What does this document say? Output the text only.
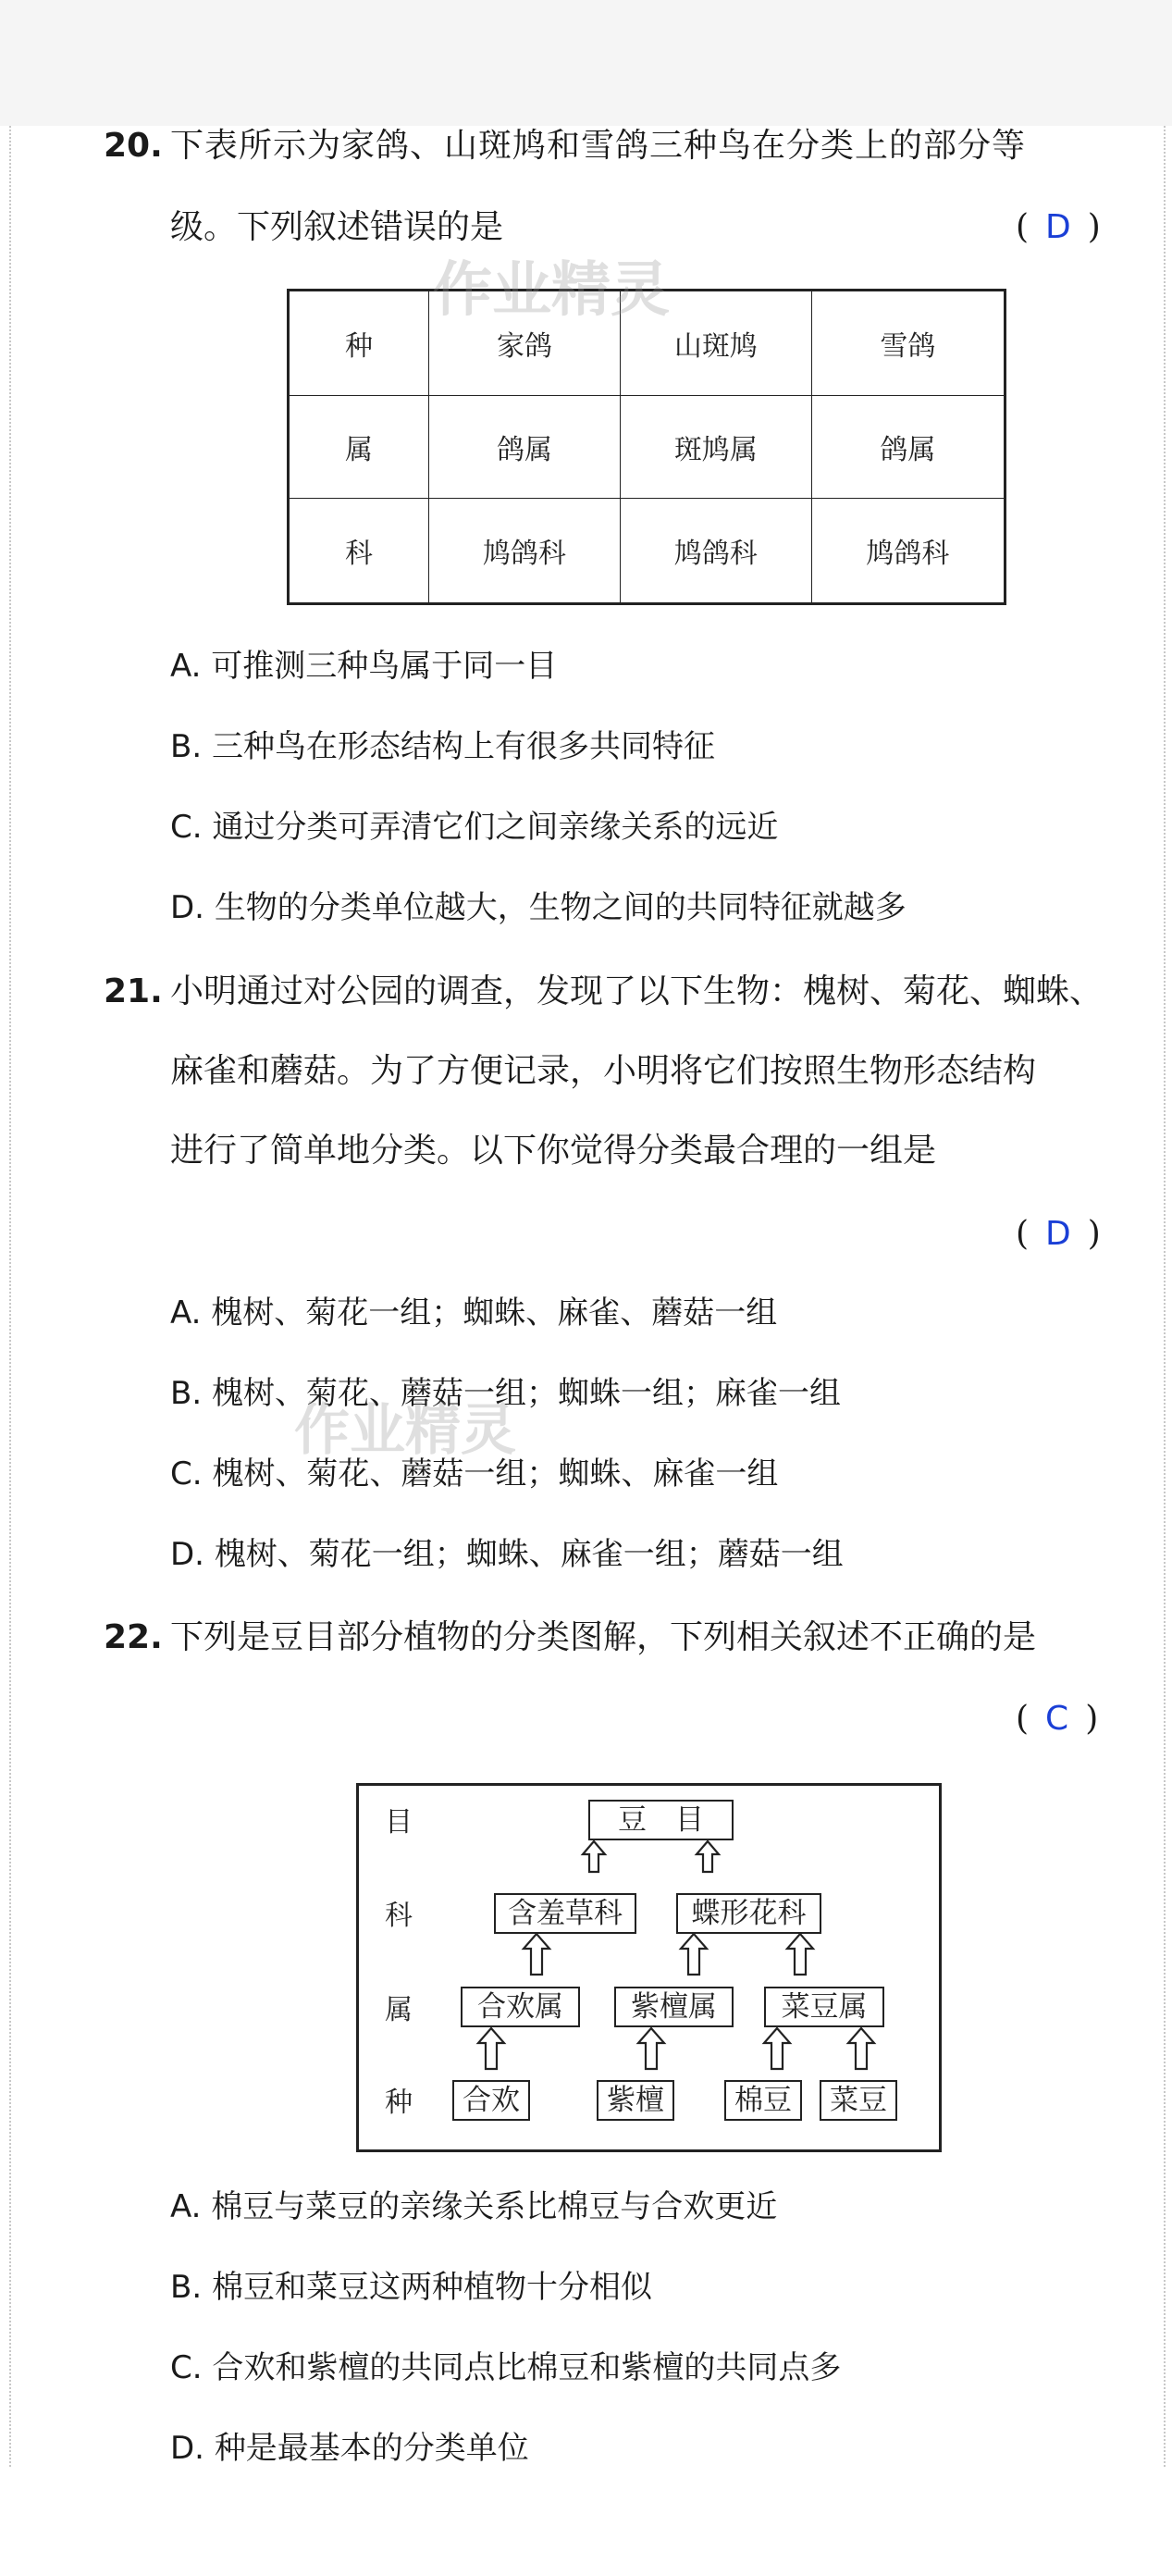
20. 下表所示为家鸽、山斑鸠和雪鸽三种鸟在分类上的部分等
级。下列叙述错误的是	( D )
种	家鸽	山斑鸠	雪鸽
属	鸽属	斑鸠属	鸽属
科	鸠鸽科	鸠鸽科	鸠鸽科
作业精灵
A. 可推测三种鸟属于同一目
B. 三种鸟在形态结构上有很多共同特征
C. 通过分类可弄清它们之间亲缘关系的远近
D. 生物的分类单位越大，生物之间的共同特征就越多
21. 小明通过对公园的调查，发现了以下生物：槐树、菊花、蜘蛛、
麻雀和蘑菇。为了方便记录，小明将它们按照生物形态结构
进行了简单地分类。以下你觉得分类最合理的一组是
( D )
A. 槐树、菊花一组；蜘蛛、麻雀、蘑菇一组
B. 槐树、菊花、蘑菇一组；蜘蛛一组；麻雀一组
C. 槐树、菊花、蘑菇一组；蜘蛛、麻雀一组
D. 槐树、菊花一组；蜘蛛、麻雀一组；蘑菇一组
作业精灵
22. 下列是豆目部分植物的分类图解，下列相关叙述不正确的是
( C )
目
科
属
种
豆　目
含羞草科	蝶形花科
合欢属	紫檀属	菜豆属
合欢	紫檀	棉豆	菜豆
A. 棉豆与菜豆的亲缘关系比棉豆与合欢更近
B. 棉豆和菜豆这两种植物十分相似
C. 合欢和紫檀的共同点比棉豆和紫檀的共同点多
D. 种是最基本的分类单位
